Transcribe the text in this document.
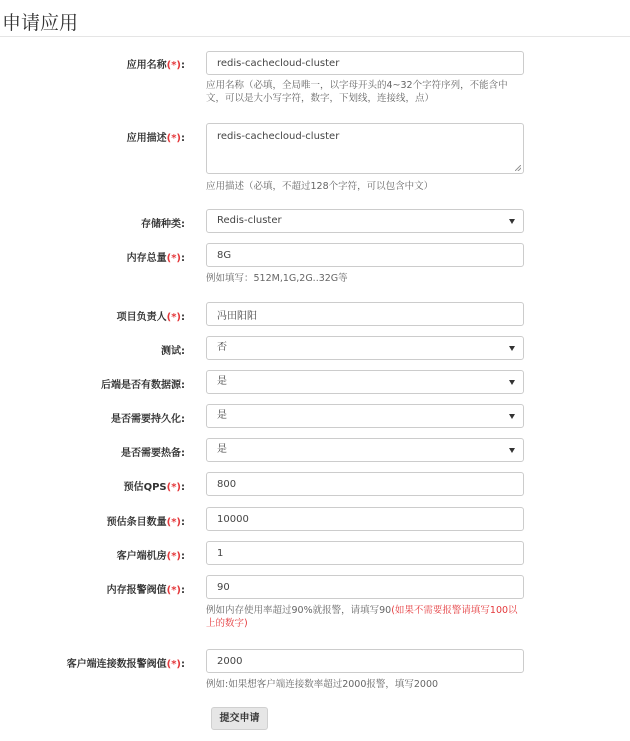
申请应用
应用名称(*):
redis-cachecloud-cluster
应用名称（必填，全局唯一，以字母开头的4~32个字符序列，不能含中文，可以是大小写字符，数字，下划线，连接线，点）
应用描述(*):	redis-cachecloud-cluster
应用描述（必填，不超过128个字符，可以包含中文）
存储种类:	Redis-cluster
内存总量(*):
8G
例如填写：512M,1G,2G..32G等
项目负责人(*):
冯田阳阳
测试:	否
后端是否有数据源:	是
是否需要持久化:	是
是否需要热备:	是
预估QPS(*):
800
预估条目数量(*):
10000
客户端机房(*):
1
内存报警阀值(*):
90
例如内存使用率超过90%就报警，请填写90(如果不需要报警请填写100以上的数字)
客户端连接数报警阀值(*):
2000
例如:如果想客户端连接数率超过2000报警，填写2000
提交申请
